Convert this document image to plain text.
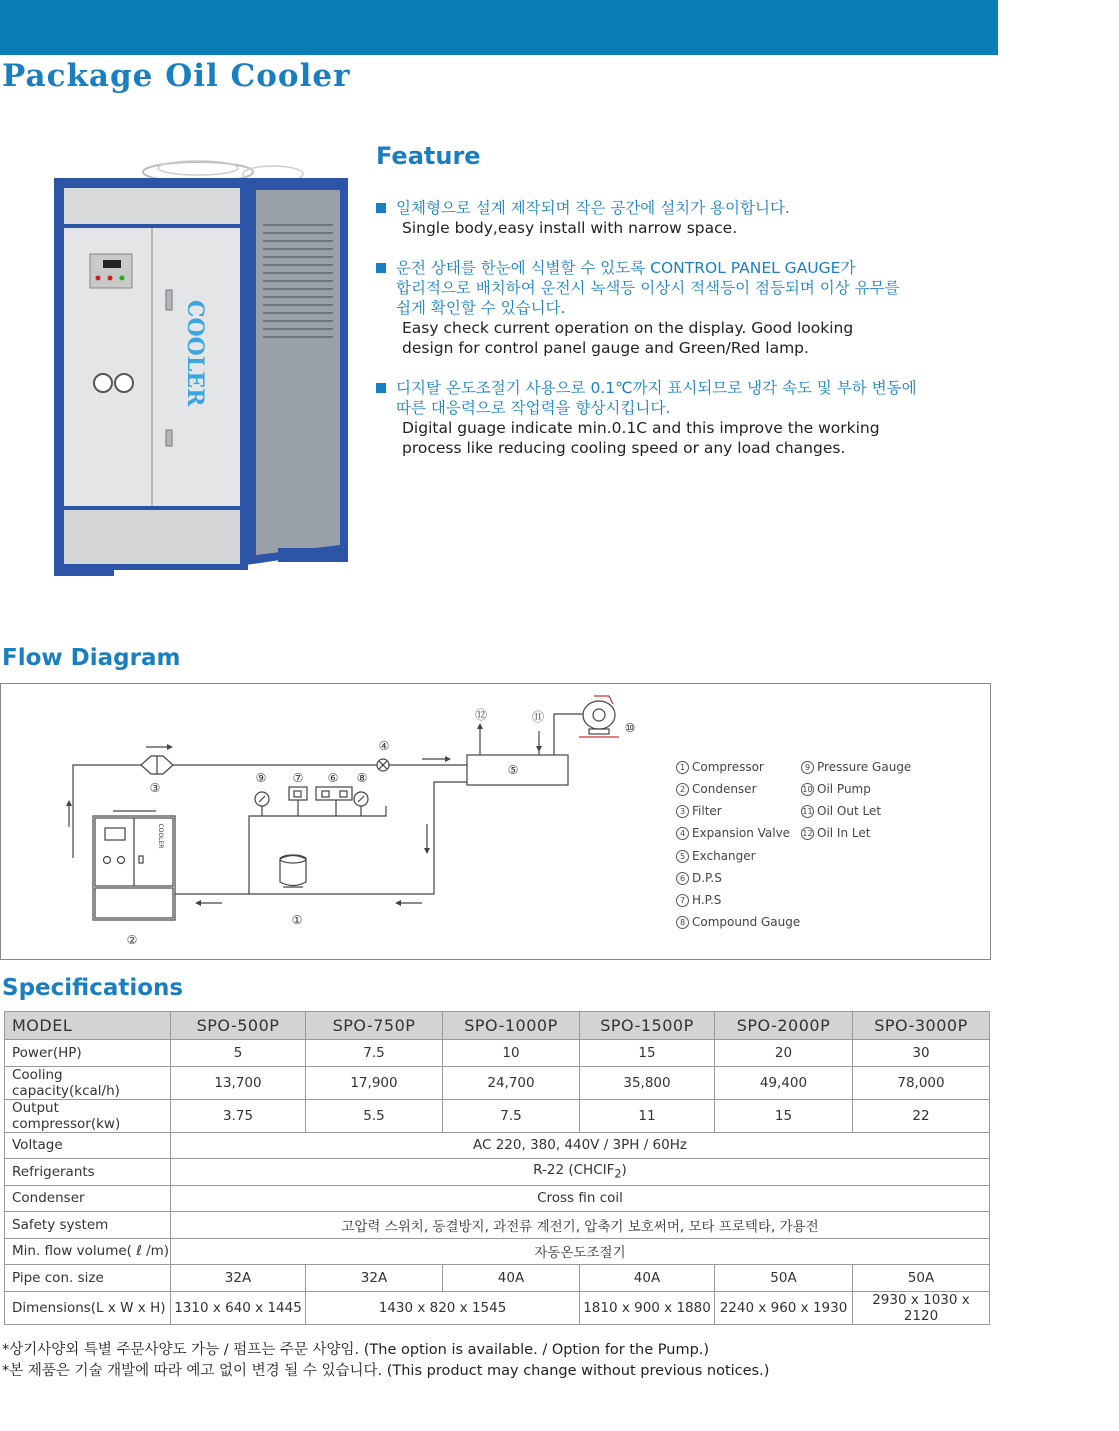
Package Oil Cooler
COOLER
Feature
일체형으로 설계 제작되며 작은 공간에 설치가 용이합니다.
Single body,easy install with narrow space.
운전 상태를 한눈에 식별할 수 있도록 CONTROL PANEL GAUGE가
합리적으로 배치하여 운전시 녹색등 이상시 적색등이 점등되며 이상 유무를
쉽게 확인할 수 있습니다.
Easy check current operation on the display. Good looking
design for control panel gauge and Green/Red lamp.
디지탈 온도조절기 사용으로 0.1℃까지 표시되므로 냉각 속도 및 부하 변동에
따른 대응력으로 작업력을 향상시킵니다.
Digital guage indicate min.0.1C and this improve the working
process like reducing cooling speed or any load changes.
Flow Diagram
③
④
⑨ ⑦ ⑥ ⑧
①
②
⑤
⑫	⑪
⑩
COOLER
1 Compressor
2 Condenser
3 Filter
4 Expansion Valve
5 Exchanger
6 D.P.S
7 H.P.S
8 Compound Gauge
9 Pressure Gauge
10 Oil Pump
11 Oil Out Let
12 Oil In Let
Specifications
MODEL	SPO-500P	SPO-750P	SPO-1000P	SPO-1500P	SPO-2000P	SPO-3000P
Power(HP)	5	7.5	10	15	20	30
Cooling capacity(kcal/h)	13,700	17,900	24,700	35,800	49,400	78,000
Output compressor(kw)	3.75	5.5	7.5	11	15	22
Voltage	AC 220, 380, 440V / 3PH / 60Hz					
Refrigerants	R-22 $(CHCIF_2)$					
Condenser	Cross fin coil					
Safety system	고압력 스위치, 동결방지, 과전류 계전기, 압축기 보호써머, 모타 프로텍타, 가용전					
Min. flow volume( ℓ /m)	자동온도조절기					
Pipe con. size	32A	32A	40A	40A	50A	50A
Dimensions(L x W x H)	1310 x 640 x 1445	1430 x 820 x 1545		1810 x 900 x 1880	2240 x 960 x 1930	2930 x 1030 x 2120
*상기사양외 특별 주문사양도 가능 / 펌프는 주문 사양임. (The option is available. / Option for the Pump.)
*본 제품은 기술 개발에 따라 예고 없이 변경 될 수 있습니다. (This product may change without previous notices.)
